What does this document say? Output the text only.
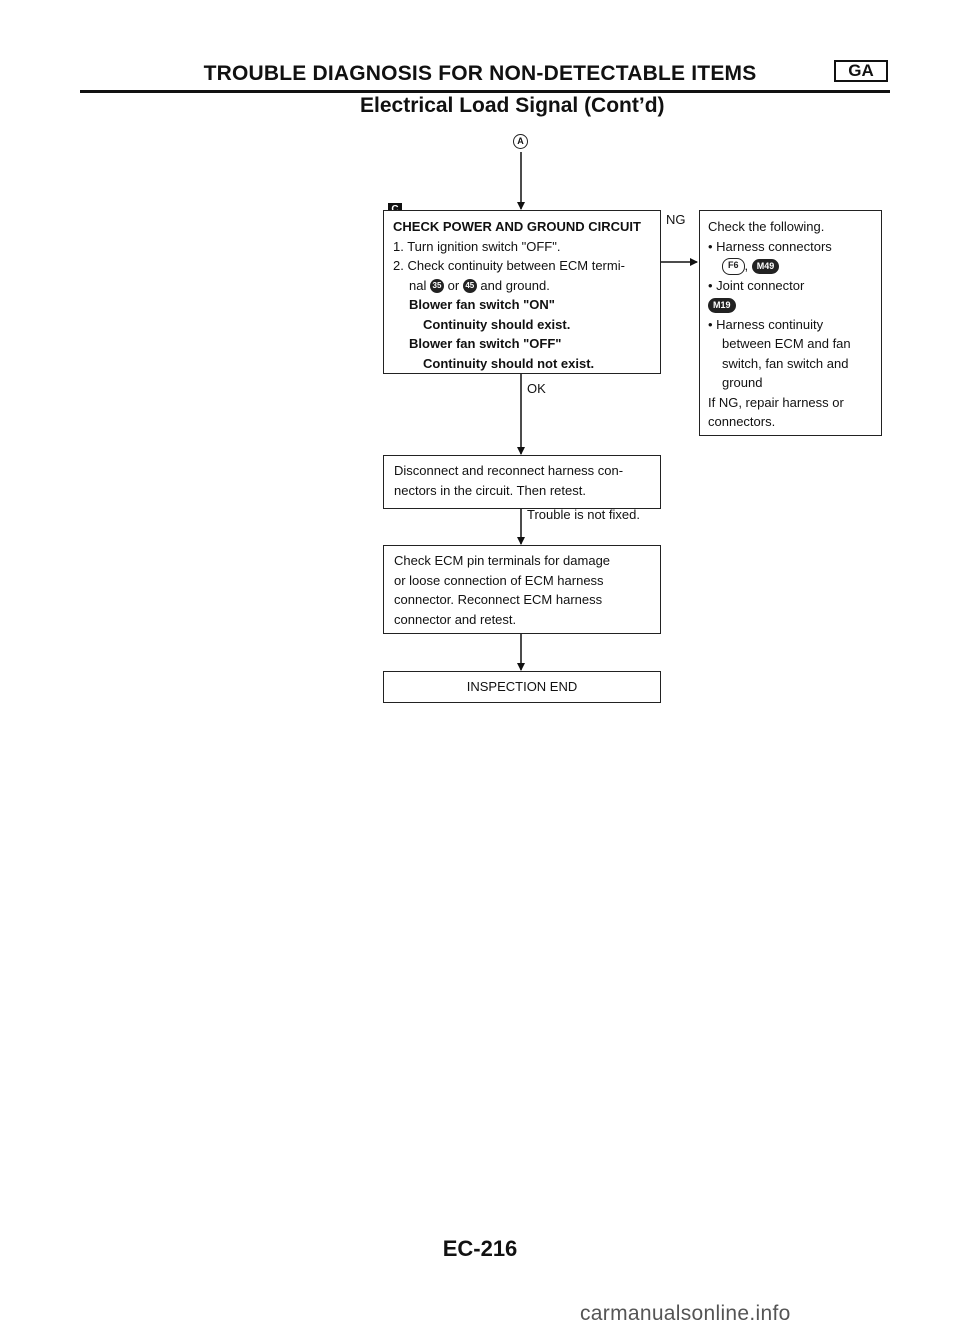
TROUBLE DIAGNOSIS FOR NON-DETECTABLE ITEMS	GA
Electrical Load Signal (Cont’d)
A
CHECK POWER AND GROUND CIRCUIT
1. Turn ignition switch "OFF".
2. Check continuity between ECM termi-
nal 35 or 45 and ground.
Blower fan switch "ON"
Continuity should exist.
Blower fan switch "OFF"
Continuity should not exist.
NG Check the following.
• Harness connectors
F6 , M49
• Joint connector
M19
• Harness continuity
between ECM and fan
switch, fan switch and
ground
If NG, repair harness or
connectors.
OK
Disconnect and reconnect harness con-
nectors in the circuit. Then retest.
Trouble is not fixed.
Check ECM pin terminals for damage
or loose connection of ECM harness
connector. Reconnect ECM harness
connector and retest.
INSPECTION END
EC-216
carmanualsonline.info
